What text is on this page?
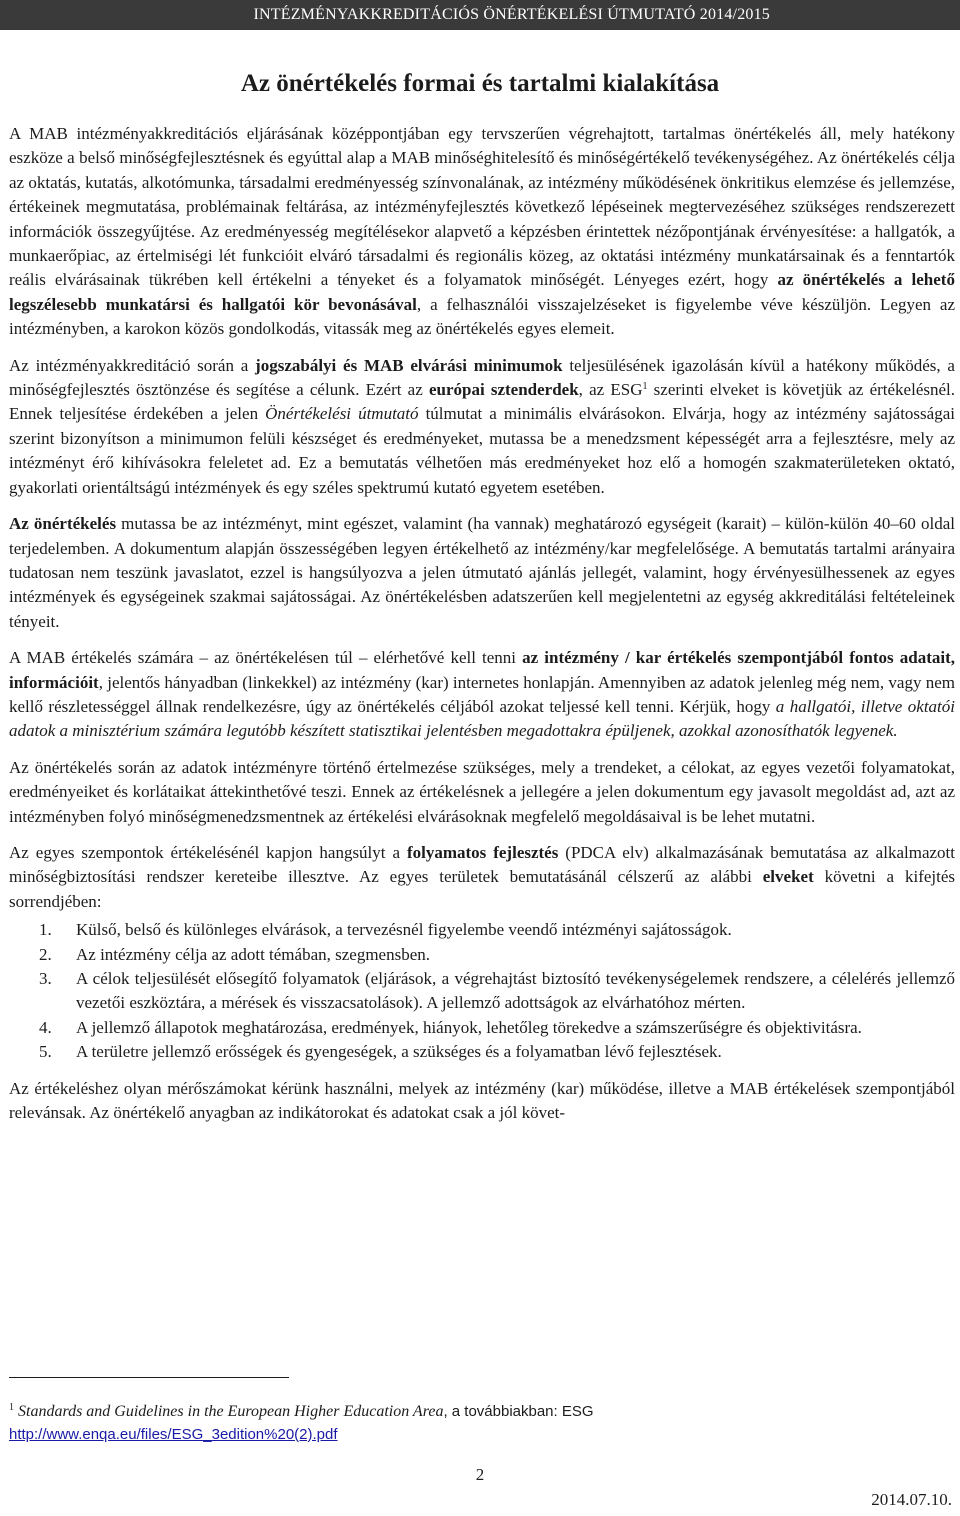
INTÉZMÉNYAKKREDITÁCIÓS ÖNÉRTÉKELÉSI ÚTMUTATÓ 2014/2015
Az önértékelés formai és tartalmi kialakítása

A MAB intézményakkreditációs eljárásának középpontjában egy tervszerűen végrehajtott, tartalmas önértékelés áll, mely hatékony eszköze a belső minőségfejlesztésnek és egyúttal alap a MAB minőséghitelesítő és minőségértékelő tevékenységéhez. Az önértékelés célja az oktatás, kutatás, alkotómunka, társadalmi eredményesség színvonalának, az intézmény működésének önkritikus elemzése és jellemzése, értékeinek megmutatása, problémainak feltárása, az intézményfejlesztés következő lépéseinek megtervezéséhez szükséges rendszerezett információk összegyűjtése. Az eredményesség megítélésekor alapvető a képzésben érintettek nézőpontjának érvényesítése: a hallgatók, a munkaerőpiac, az értelmiségi lét funkcióit elváró társadalmi és regionális közeg, az oktatási intézmény munkatársainak és a fenntartók reális elvárásainak tükrében kell értékelni a tényeket és a folyamatok minőségét. Lényeges ezért, hogy az önértékelés a lehető legszélesebb munkatársi és hallgatói kör bevonásával, a felhasználói visszajelzéseket is figyelembe véve készüljön. Legyen az intézményben, a karokon közös gondolkodás, vitassák meg az önértékelés egyes elemeit.

Az intézményakkreditáció során a jogszabályi és MAB elvárási minimumok teljesülésének igazolásán kívül a hatékony működés, a minőségfejlesztés ösztönzése és segítése a célunk. Ezért az európai sztenderdek, az ESG$^1$ szerinti elveket is követjük az értékelésnél. Ennek teljesítése érdekében a jelen Önértékelési útmutató túlmutat a minimális elvárásokon. Elvárja, hogy az intézmény sajátosságai szerint bizonyítson a minimumon felüli készséget és eredményeket, mutassa be a menedzsment képességét arra a fejlesztésre, mely az intézményt érő kihívásokra feleletet ad. Ez a bemutatás vélhetően más eredményeket hoz elő a homogén szakmaterületeken oktató, gyakorlati orientáltságú intézmények és egy széles spektrumú kutató egyetem esetében.

Az önértékelés mutassa be az intézményt, mint egészet, valamint (ha vannak) meghatározó egységeit (karait) – külön-külön 40–60 oldal terjedelemben. A dokumentum alapján összességében legyen értékelhető az intézmény/kar megfelelősége. A bemutatás tartalmi arányaira tudatosan nem teszünk javaslatot, ezzel is hangsúlyozva a jelen útmutató ajánlás jellegét, valamint, hogy érvényesülhessenek az egyes intézmények és egységeinek szakmai sajátosságai. Az önértékelésben adatszerűen kell megjelentetni az egység akkreditálási feltételeinek tényeit.

A MAB értékelés számára – az önértékelésen túl – elérhetővé kell tenni az intézmény / kar értékelés szempontjából fontos adatait, információit, jelentős hányadban (linkekkel) az intézmény (kar) internetes honlapján. Amennyiben az adatok jelenleg még nem, vagy nem kellő részletességgel állnak rendelkezésre, úgy az önértékelés céljából azokat teljessé kell tenni. Kérjük, hogy a hallgatói, illetve oktatói adatok a minisztérium számára legutóbb készített statisztikai jelentésben megadottakra épüljenek, azokkal azonosíthatók legyenek.

Az önértékelés során az adatok intézményre történő értelmezése szükséges, mely a trendeket, a célokat, az egyes vezetői folyamatokat, eredményeiket és korlátaikat áttekinthetővé teszi. Ennek az értékelésnek a jellegére a jelen dokumentum egy javasolt megoldást ad, azt az intézményben folyó minőségmenedzsmentnek az értékelési elvárásoknak megfelelő megoldásaival is be lehet mutatni.

Az egyes szempontok értékelésénél kapjon hangsúlyt a folyamatos fejlesztés (PDCA elv) alkalmazásának bemutatása az alkalmazott minőségbiztosítási rendszer kereteibe illesztve. Az egyes területek bemutatásánál célszerű az alábbi elveket követni a kifejtés sorrendjében:

1. Külső, belső és különleges elvárások, a tervezésnél figyelembe veendő intézményi sajátosságok.
2. Az intézmény célja az adott témában, szegmensben.
3. A célok teljesülését elősegítő folyamatok (eljárások, a végrehajtást biztosító tevékenységelemek rendszere, a célelérés jellemző vezetői eszköztára, a mérések és visszacsatolások). A jellemző adottságok az elvárhatóhoz mérten.
4. A jellemző állapotok meghatározása, eredmények, hiányok, lehetőleg törekedve a számszerűségre és objektivitásra.
5. A területre jellemző erősségek és gyengeségek, a szükséges és a folyamatban lévő fejlesztések.

Az értékeléshez olyan mérőszámokat kérünk használni, melyek az intézmény (kar) működése, illetve a MAB értékelések szempontjából relevánsak. Az önértékelő anyagban az indikátorokat és adatokat csak a jól követ-

$^1$ Standards and Guidelines in the European Higher Education Area, a továbbiakban: ESG
http://www.enqa.eu/files/ESG_3edition%20(2).pdf
2
2014.07.10.
